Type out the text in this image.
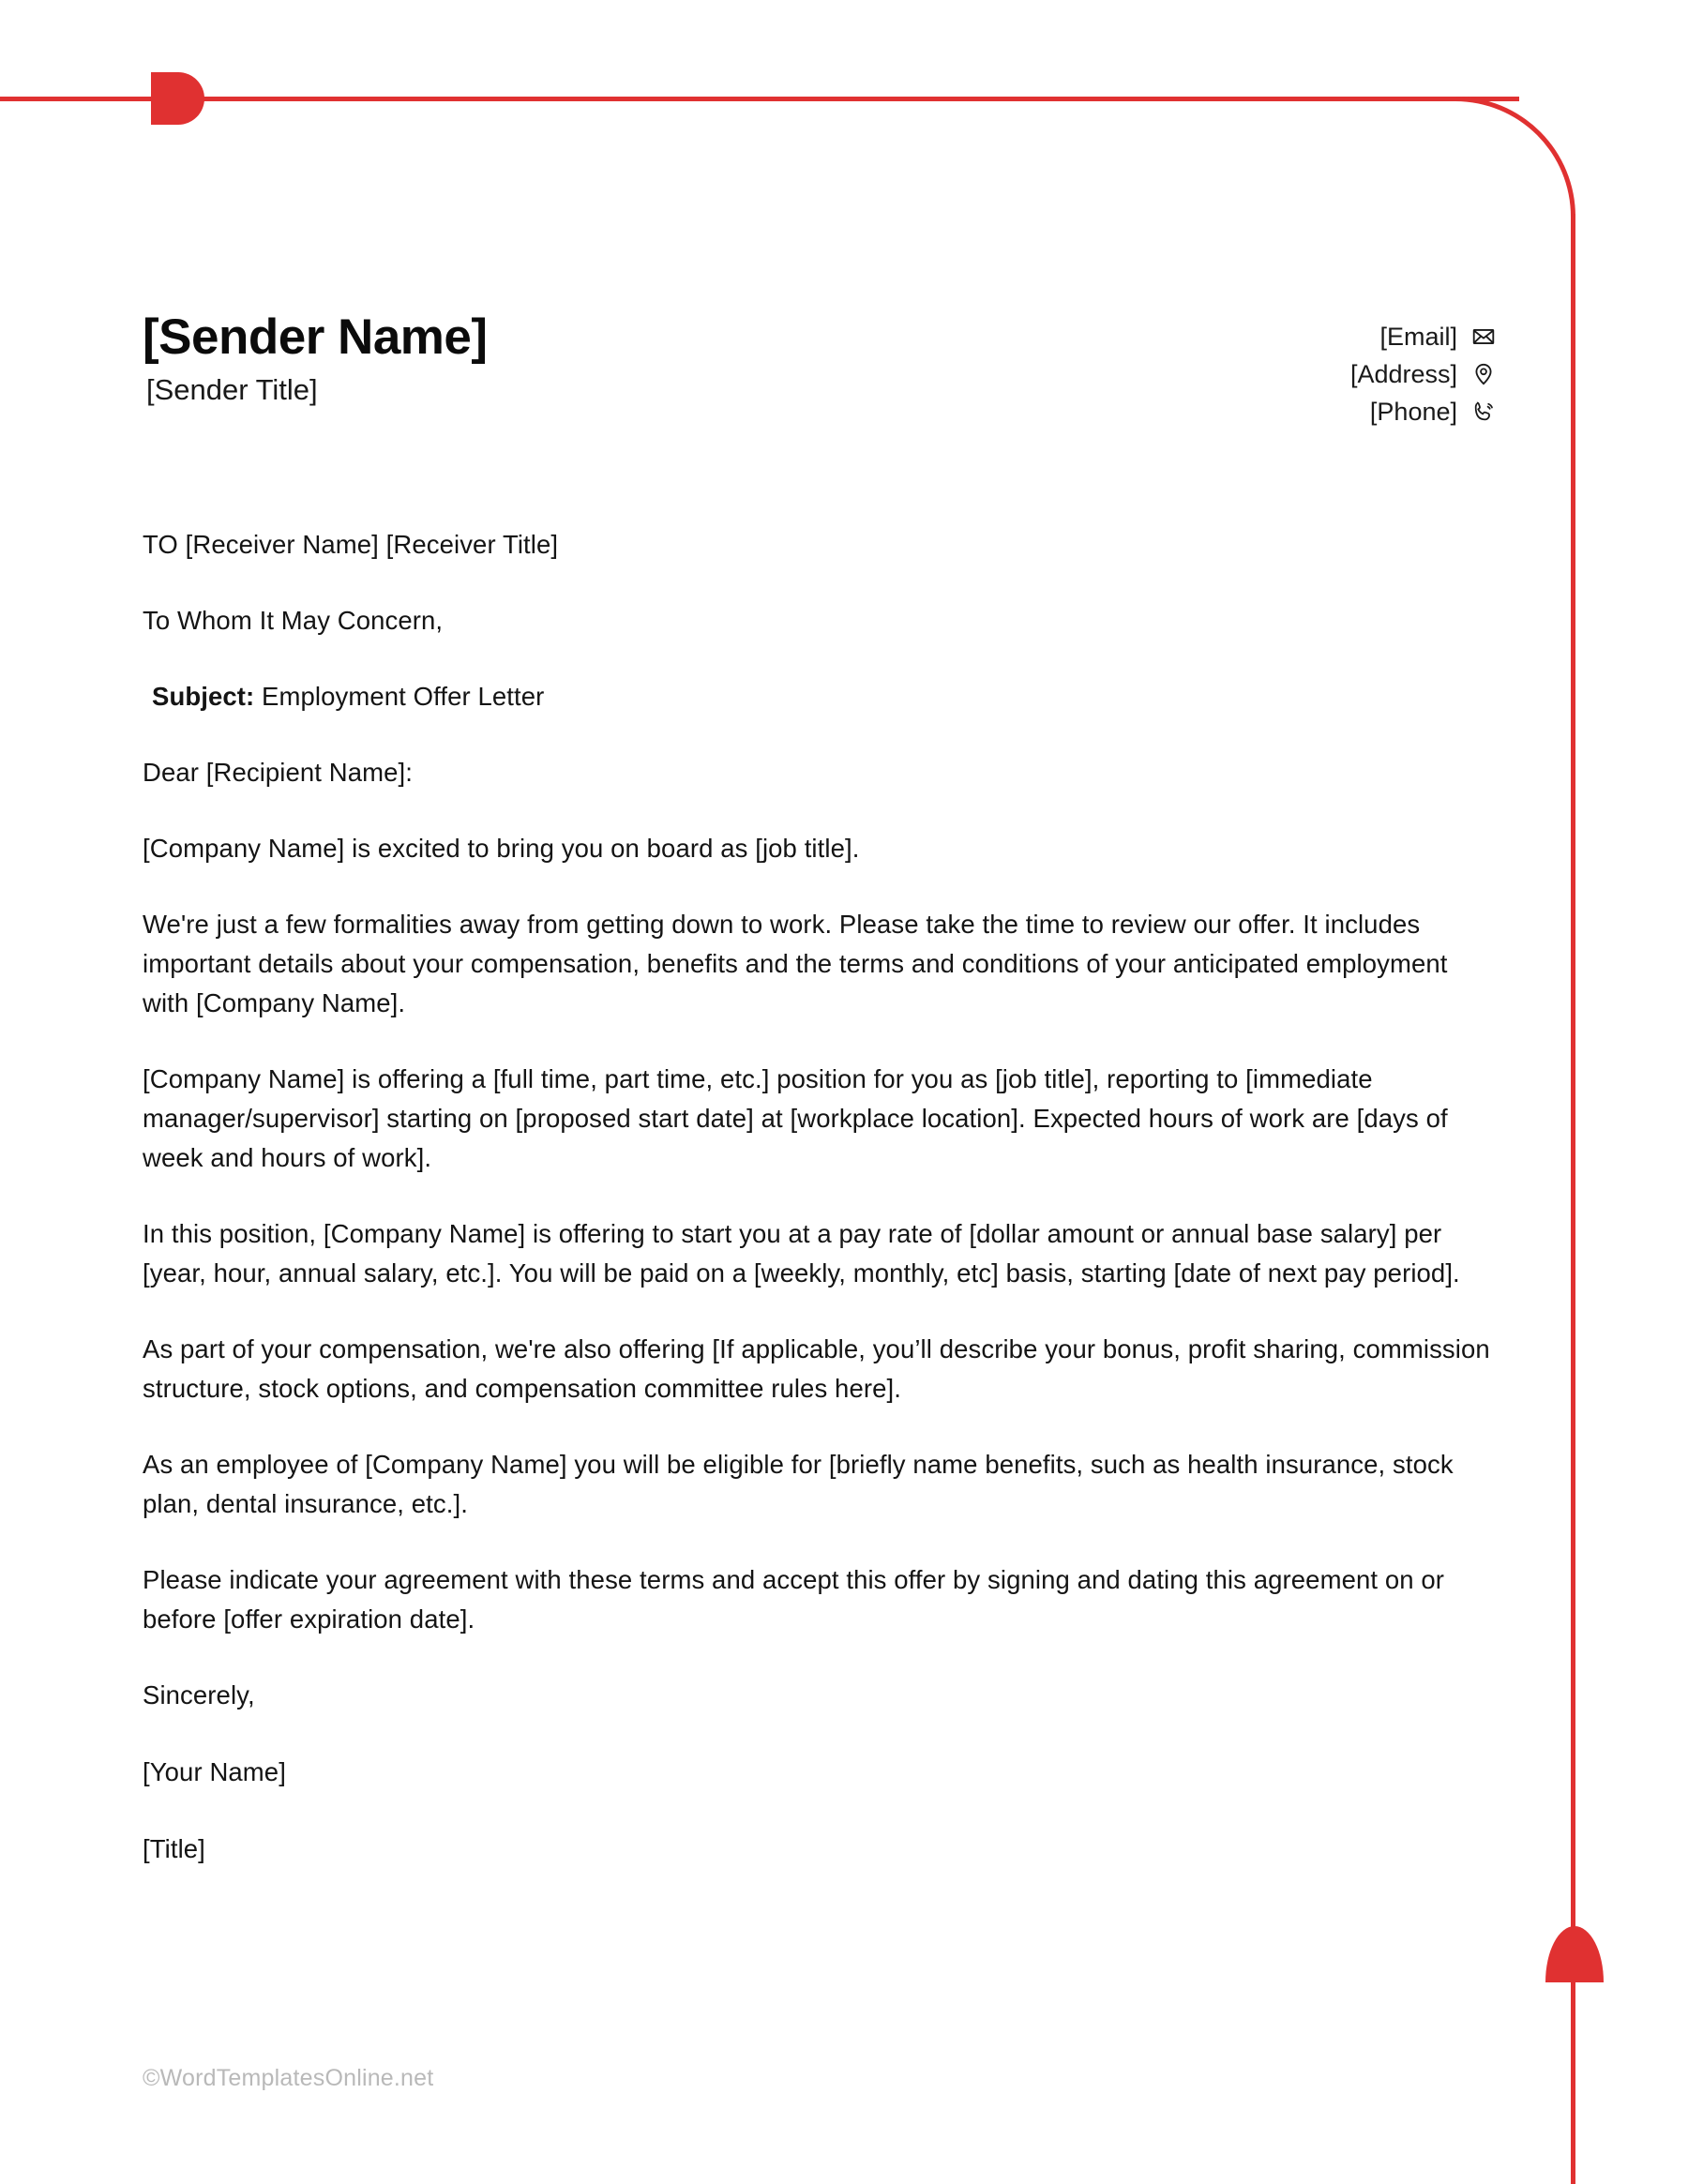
[Sender Name]
[Sender Title]
[Email]
[Address]
[Phone]

TO [Receiver Name] [Receiver Title]

To Whom It May Concern,

Subject: Employment Offer Letter

Dear [Recipient Name]:

[Company Name] is excited to bring you on board as [job title].

We're just a few formalities away from getting down to work. Please take the time to review our offer. It includes important details about your compensation, benefits and the terms and conditions of your anticipated employment with [Company Name].

[Company Name] is offering a [full time, part time, etc.] position for you as [job title], reporting to [immediate manager/supervisor] starting on [proposed start date] at [workplace location]. Expected hours of work are [days of week and hours of work].

In this position, [Company Name] is offering to start you at a pay rate of [dollar amount or annual base salary] per [year, hour, annual salary, etc.]. You will be paid on a [weekly, monthly, etc] basis, starting [date of next pay period].

As part of your compensation, we're also offering [If applicable, you’ll describe your bonus, profit sharing, commission structure, stock options, and compensation committee rules here].

As an employee of [Company Name] you will be eligible for [briefly name benefits, such as health insurance, stock plan, dental insurance, etc.].

Please indicate your agreement with these terms and accept this offer by signing and dating this agreement on or before [offer expiration date].

Sincerely,

[Your Name]

[Title]

©WordTemplatesOnline.net
